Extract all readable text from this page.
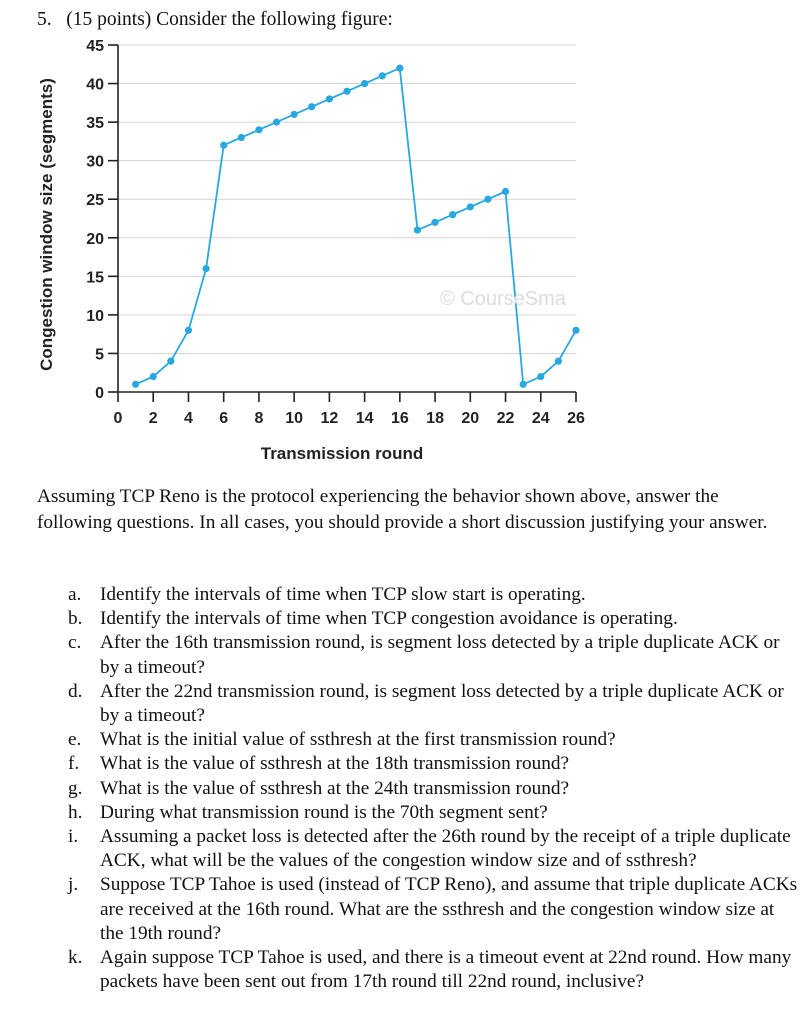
5. (15 points) Consider the following figure:
0
5
10
15
20
25
30
35
40
45
0 2 4 6 8 10 12 14 16 18 20 22 24 26
Transmission round
Congestion window size (segments)	© CourseSma
Assuming TCP Reno is the protocol experiencing the behavior shown above, answer the following questions. In all cases, you should provide a short discussion justifying your answer.
a. Identify the intervals of time when TCP slow start is operating.
b. Identify the intervals of time when TCP congestion avoidance is operating.
c. After the 16th transmission round, is segment loss detected by a triple duplicate ACK or by a timeout?
d. After the 22nd transmission round, is segment loss detected by a triple duplicate ACK or by a timeout?
e. What is the initial value of ssthresh at the first transmission round?
f. What is the value of ssthresh at the 18th transmission round?
g. What is the value of ssthresh at the 24th transmission round?
h. During what transmission round is the 70th segment sent?
i. Assuming a packet loss is detected after the 26th round by the receipt of a triple duplicate ACK, what will be the values of the congestion window size and of ssthresh?
j. Suppose TCP Tahoe is used (instead of TCP Reno), and assume that triple duplicate ACKs are received at the 16th round. What are the ssthresh and the congestion window size at the 19th round?
k. Again suppose TCP Tahoe is used, and there is a timeout event at 22nd round. How many packets have been sent out from 17th round till 22nd round, inclusive?
